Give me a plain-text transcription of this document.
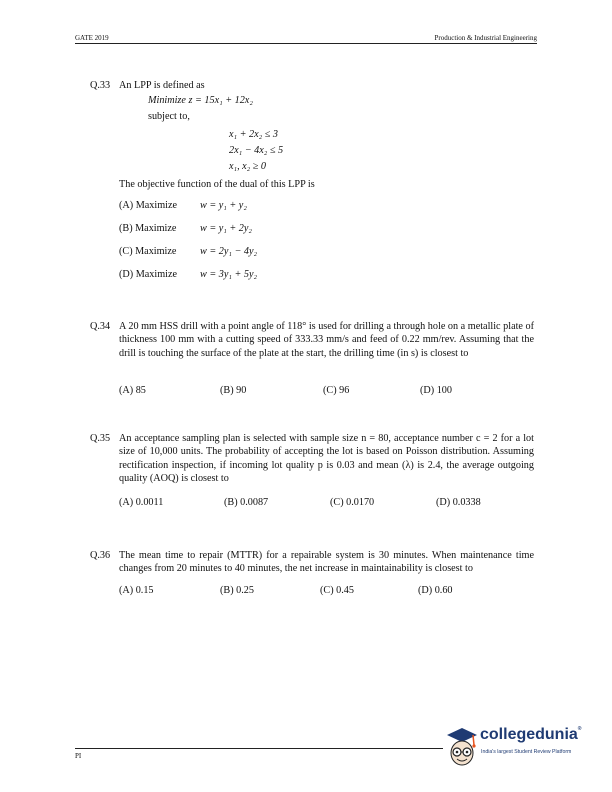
GATE 2019	Production & Industrial Engineering
Q.33 An LPP is defined as
Minimize z = 15x₁ + 12x₂
subject to,
x₁ + 2x₂ ≤ 3
2x₁ − 4x₂ ≤ 5
x₁, x₂ ≥ 0
The objective function of the dual of this LPP is
(A) Maximize w = y₁ + y₂
(B) Maximize w = y₁ + 2y₂
(C) Maximize w = 2y₁ − 4y₂
(D) Maximize w = 3y₁ + 5y₂
Q.34 A 20 mm HSS drill with a point angle of 118° is used for drilling a through hole on a metallic plate of thickness 100 mm with a cutting speed of 333.33 mm/s and feed of 0.22 mm/rev. Assuming that the drill is touching the surface of the plate at the start, the drilling time (in s) is closest to
(A) 85	(B) 90	(C) 96	(D) 100
Q.35 An acceptance sampling plan is selected with sample size n = 80, acceptance number c = 2 for a lot size of 10,000 units. The probability of accepting the lot is based on Poisson distribution. Assuming rectification inspection, if incoming lot quality p is 0.03 and mean (λ) is 2.4, the average outgoing quality (AOQ) is closest to
(A) 0.0011	(B) 0.0087	(C) 0.0170	(D) 0.0338
Q.36 The mean time to repair (MTTR) for a repairable system is 30 minutes. When maintenance time changes from 20 minutes to 40 minutes, the net increase in maintainability is closest to
(A) 0.15	(B) 0.25	(C) 0.45	(D) 0.60
PI
collegedunia®
India's largest Student Review Platform
